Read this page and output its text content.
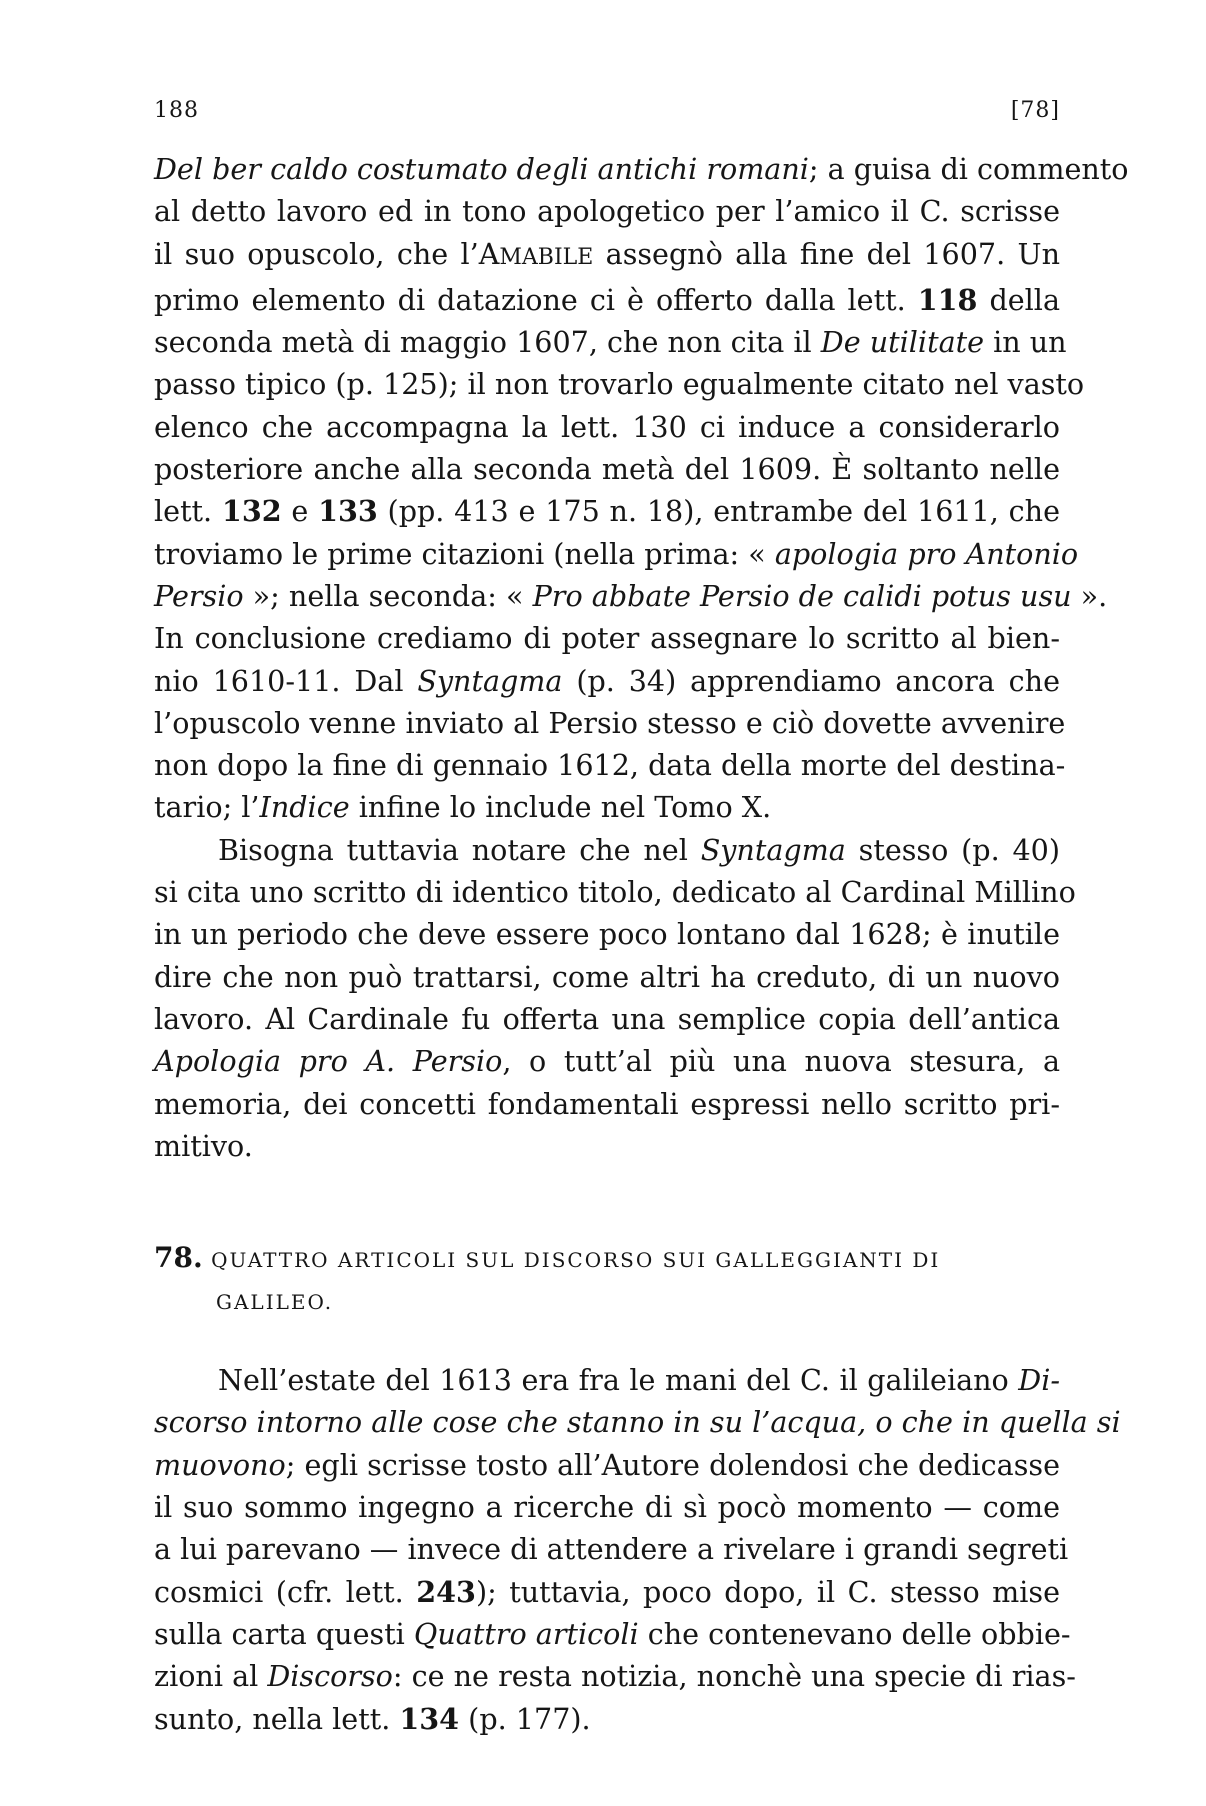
188	[78]

Del ber caldo costumato degli antichi romani; a guisa di commento
al detto lavoro ed in tono apologetico per l’amico il C. scrisse
il suo opuscolo, che l’AMABILE assegnò alla fine del 1607. Un
primo elemento di datazione ci è offerto dalla lett. 118 della
seconda metà di maggio 1607, che non cita il De utilitate in un
passo tipico (p. 125); il non trovarlo egualmente citato nel vasto
elenco che accompagna la lett. 130 ci induce a considerarlo
posteriore anche alla seconda metà del 1609. È soltanto nelle
lett. 132 e 133 (pp. 413 e 175 n. 18), entrambe del 1611, che
troviamo le prime citazioni (nella prima: « apologia pro Antonio
Persio »; nella seconda: « Pro abbate Persio de calidi potus usu ».
In conclusione crediamo di poter assegnare lo scritto al bien-
nio 1610-11. Dal Syntagma (p. 34) apprendiamo ancora che
l’opuscolo venne inviato al Persio stesso e ciò dovette avvenire
non dopo la fine di gennaio 1612, data della morte del destina-
tario; l’Indice infine lo include nel Tomo X.

Bisogna tuttavia notare che nel Syntagma stesso (p. 40)
si cita uno scritto di identico titolo, dedicato al Cardinal Millino
in un periodo che deve essere poco lontano dal 1628; è inutile
dire che non può trattarsi, come altri ha creduto, di un nuovo
lavoro. Al Cardinale fu offerta una semplice copia dell’antica
Apologia pro A. Persio, o tutt’al più una nuova stesura, a
memoria, dei concetti fondamentali espressi nello scritto pri-
mitivo.

78. QUATTRO ARTICOLI SUL DISCORSO SUI GALLEGGIANTI DI
GALILEO.

Nell’estate del 1613 era fra le mani del C. il galileiano Di-
scorso intorno alle cose che stanno in su l’acqua, o che in quella si
muovono; egli scrisse tosto all’Autore dolendosi che dedicasse
il suo sommo ingegno a ricerche di sì pocò momento — come
a lui parevano — invece di attendere a rivelare i grandi segreti
cosmici (cfr. lett. 243); tuttavia, poco dopo, il C. stesso mise
sulla carta questi Quattro articoli che contenevano delle obbie-
zioni al Discorso: ce ne resta notizia, nonchè una specie di rias-
sunto, nella lett. 134 (p. 177).
